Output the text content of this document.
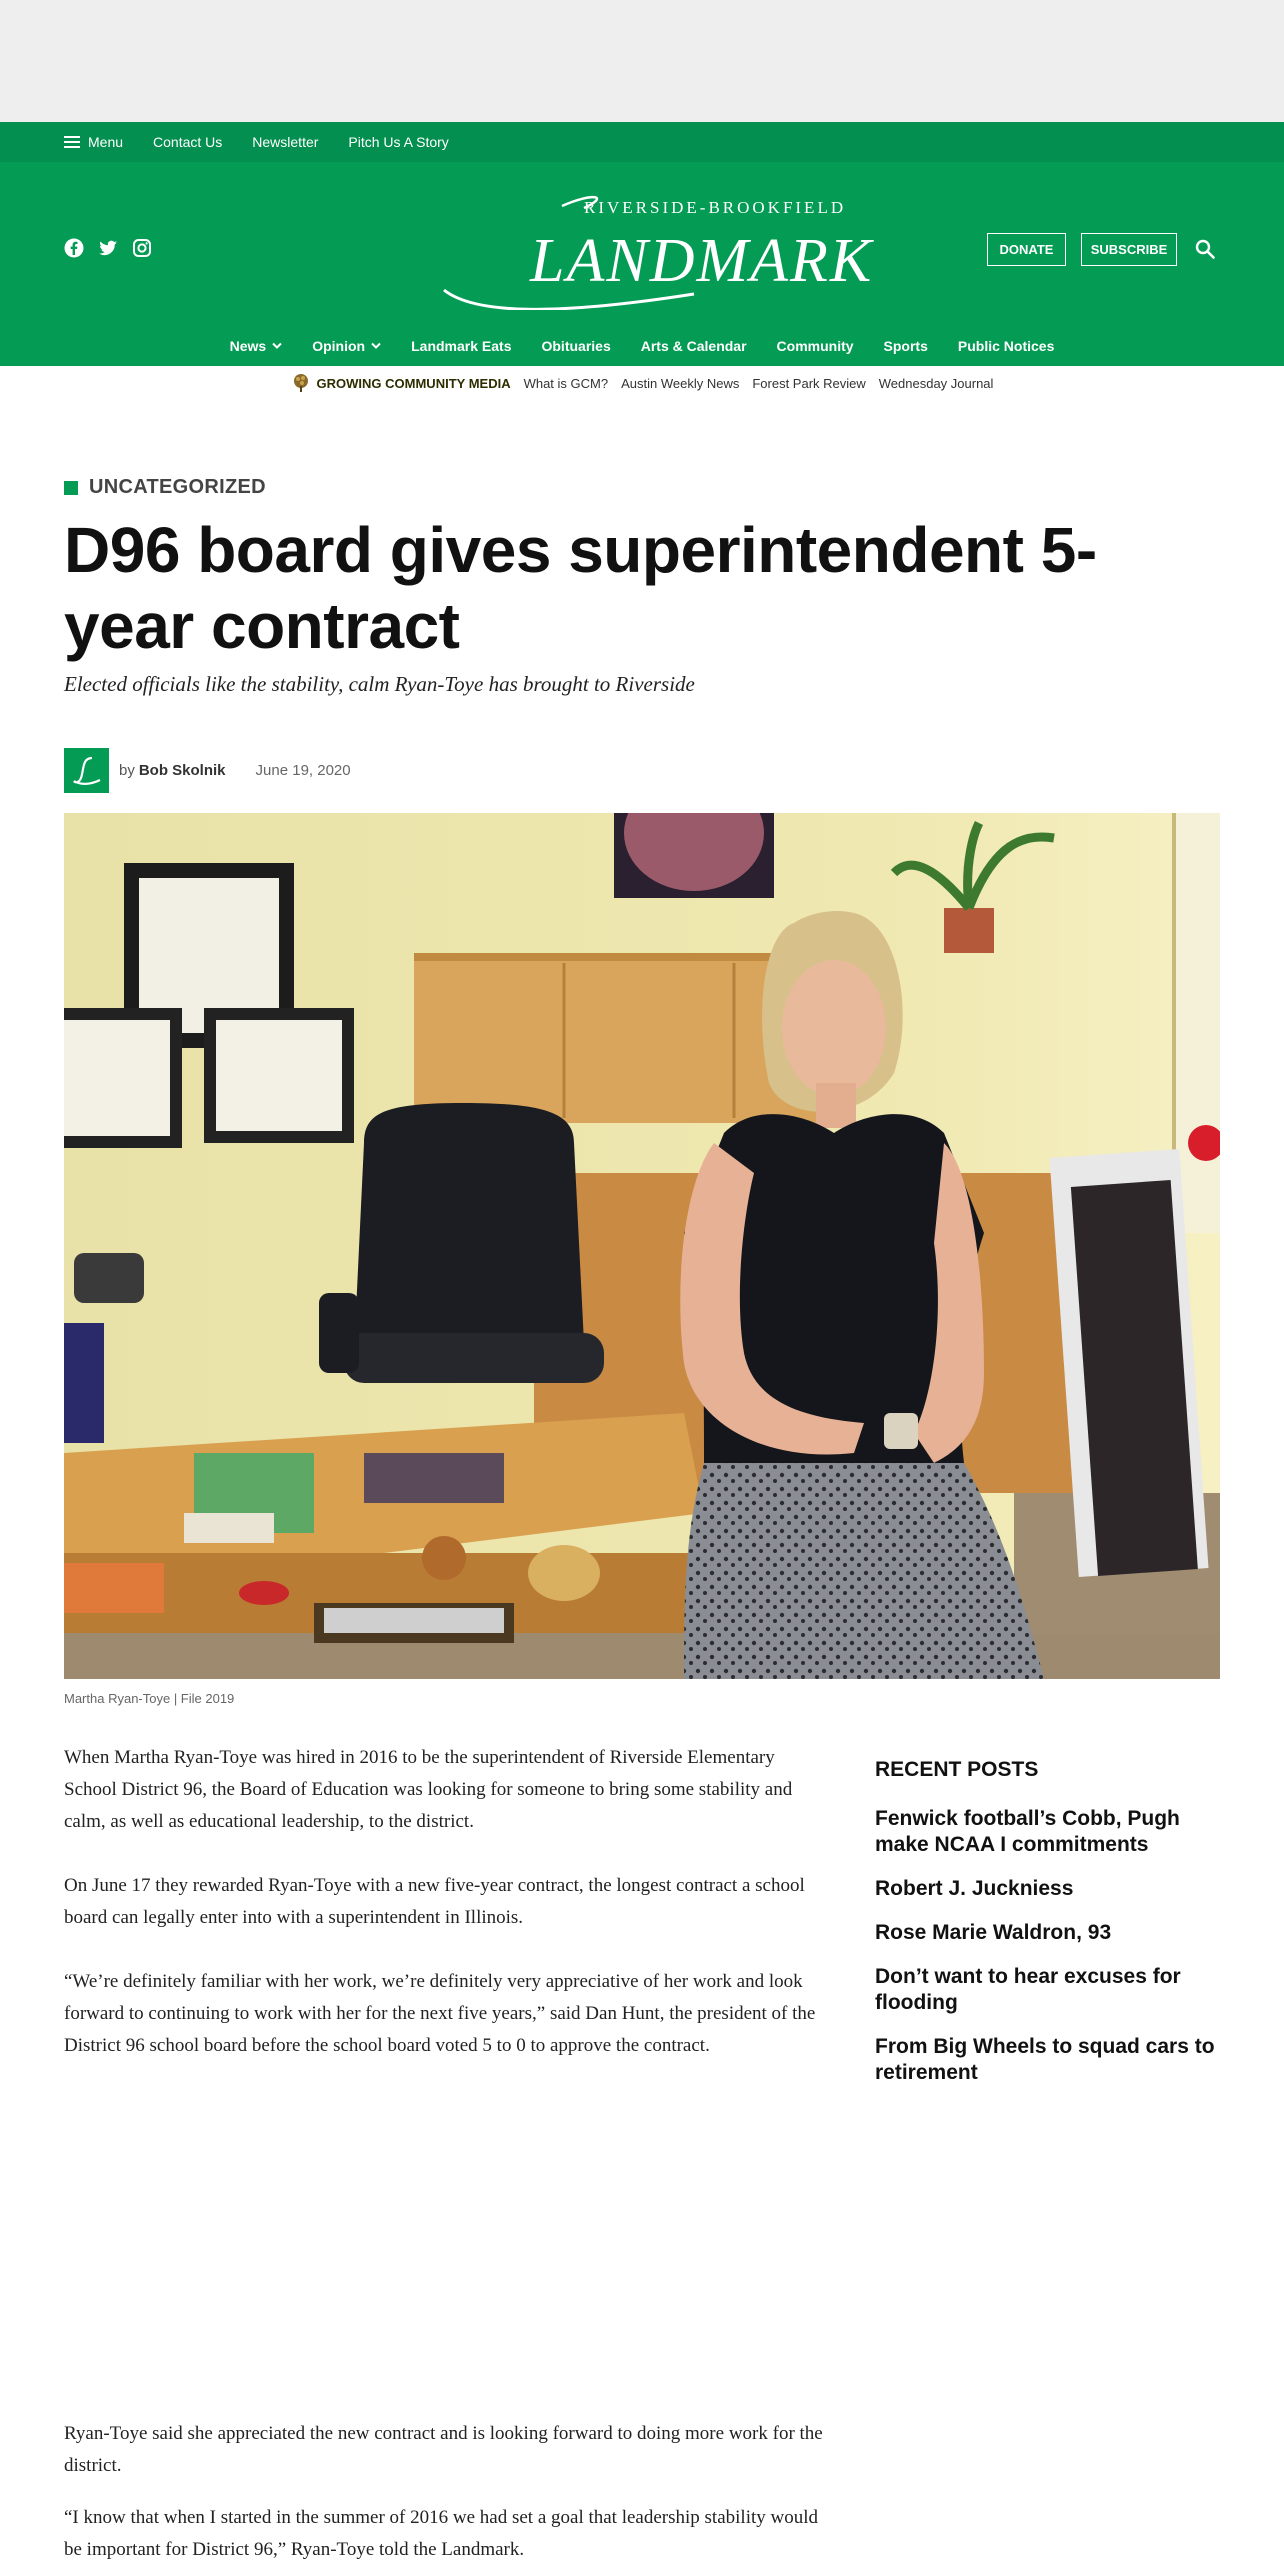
Menu Contact Us Newsletter Pitch Us A Story
RIVERSIDE-BROOKFIELD
LANDMARK	DONATE	SUBSCRIBE
News	Opinion	Landmark Eats Obituaries Arts & Calendar Community Sports Public Notices
GROWING COMMUNITY MEDIA What is GCM? Austin Weekly News Forest Park Review Wednesday Journal
UNCATEGORIZED
D96 board gives superintendent 5-year contract
Elected officials like the stability, calm Ryan-Toye has brought to Riverside
by Bob Skolnik June 19, 2020
Martha Ryan-Toye | File 2019

When Martha Ryan-Toye was hired in 2016 to be the superintendent of Riverside Elementary School District 96, the Board of Education was looking for someone to bring some stability and calm, as well as educational leadership, to the district.

On June 17 they rewarded Ryan-Toye with a new five-year contract, the longest contract a school board can legally enter into with a superintendent in Illinois.

“We’re definitely familiar with her work, we’re definitely very appreciative of her work and look forward to continuing to work with her for the next five years,” said Dan Hunt, the president of the District 96 school board before the school board voted 5 to 0 to approve the contract.

Ryan-Toye said she appreciated the new contract and is looking forward to doing more work for the district.

“I know that when I started in the summer of 2016 we had set a goal that leadership stability would be important for District 96,” Ryan-Toye told the Landmark.

RECENT POSTS
Fenwick football’s Cobb, Pugh make NCAA I commitments
Robert J. Juckniess
Rose Marie Waldron, 93
Don’t want to hear excuses for flooding
From Big Wheels to squad cars to retirement
